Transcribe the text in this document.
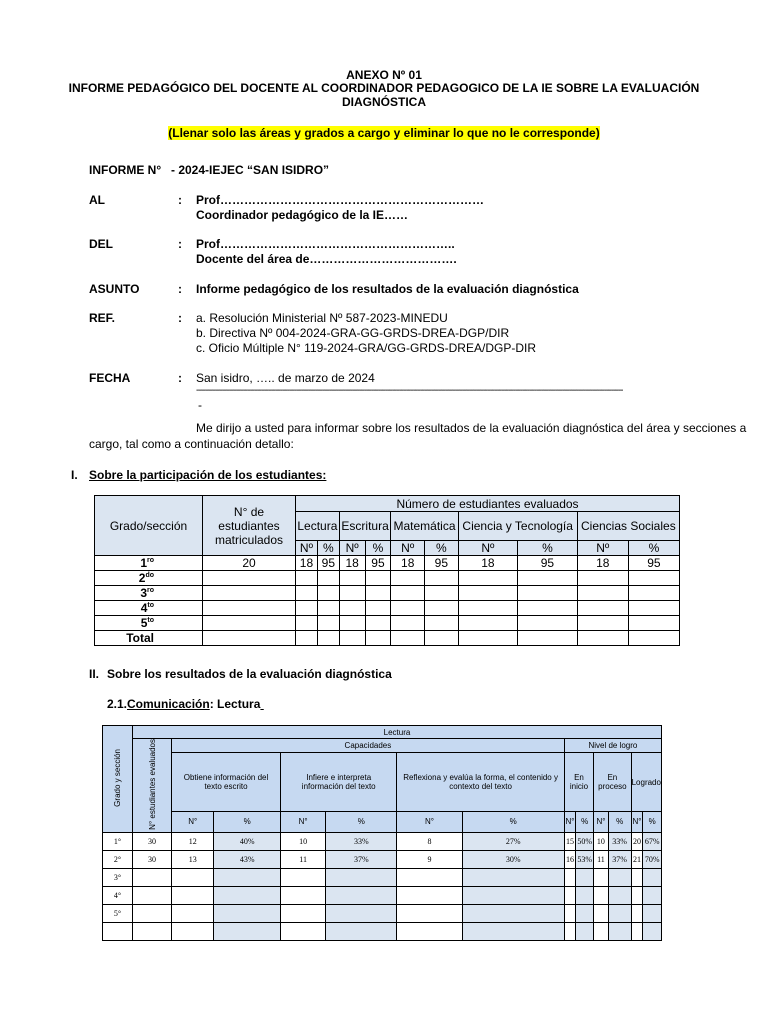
ANEXO Nº 01
INFORME PEDAGÓGICO DEL DOCENTE AL COORDINADOR PEDAGOGICO DE LA IE SOBRE LA EVALUACIÓN
DIAGNÓSTICA
(Llenar solo las áreas y grados a cargo y eliminar lo que no le corresponde)
INFORME N° - 2024-IEJEC “SAN ISIDRO”
AL	: Prof…………………………………………………………
Coordinador pedagógico de la IE……
DEL	: Prof…………………………………………………..
Docente del área de……………………………….
ASUNTO	: Informe pedagógico de los resultados de la evaluación diagnóstica
REF.	: a. Resolución Ministerial Nº 587-2023-MINEDU
b. Directiva Nº 004-2024-GRA-GG-GRDS-DREA-DGP/DIR
c. Oficio Múltiple N° 119-2024-GRA/GG-GRDS-DREA/DGP-DIR
FECHA	: San isidro, ….. de marzo de 2024
---------------------------------------------------------------------------------------------------------------------------------------------------------------------------------------
-
Me dirijo a usted para informar sobre los resultados de la evaluación diagnóstica del área y secciones a
cargo, tal como a continuación detallo:
I. Sobre la participación de los estudiantes:
Grado/sección	N° de estudiantes matriculados	Número de estudiantes evaluados									
		Lectura		Escritura		Matemática		Ciencia y Tecnología		Ciencias Sociales	
		Nº	%	Nº	%	Nº	%	Nº	%	Nº	%
$1^{ro}$	20	18	95	18	95	18	95	18	95	18	95
$2^{do}$											
$3^{ro}$											
$4^{to}$											
$5^{to}$											
Total											
II. Sobre los resultados de la evaluación diagnóstica
2.1.Comunicación: Lectura
Grado y sección	Lectura												
	N° estudiantes evaluados	Capacidades						Nivel de logro					
		Obtiene información del texto escrito		Infiere e interpreta información del texto		Reflexiona y evalúa la forma, el contenido y contexto del texto		En inicio		En proceso		Logrado	
		N°	%	N°	%	N°	%	N°	%	N°	%	N°	%
1°	30	12	40%	10	33%	8	27%	15	50%	10	33%	20	67%
2°	30	13	43%	11	37%	9	30%	16	53%	11	37%	21	70%
3°													
4°													
5°													
